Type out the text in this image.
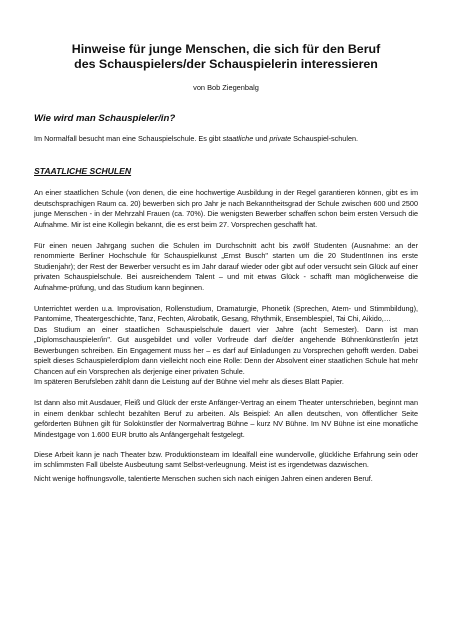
Hinweise für junge Menschen, die sich für den Beruf
des Schauspielers/der Schauspielerin interessieren
von Bob Ziegenbalg
Wie wird man Schauspieler/in?

Im Normalfall besucht man eine Schauspielschule. Es gibt staatliche und private Schauspiel-schulen.

STAATLICHE SCHULEN

An einer staatlichen Schule (von denen, die eine hochwertige Ausbildung in der Regel garantieren können, gibt es im deutschsprachigen Raum ca. 20) bewerben sich pro Jahr je nach Bekanntheitsgrad der Schule zwischen 600 und 2500 junge Menschen - in der Mehrzahl Frauen (ca. 70%). Die wenigsten Bewerber schaffen schon beim ersten Versuch die Aufnahme. Mir ist eine Kollegin bekannt, die es erst beim 27. Vorsprechen geschafft hat.

Für einen neuen Jahrgang suchen die Schulen im Durchschnitt acht bis zwölf Studenten (Ausnahme: an der renommierte Berliner Hochschule für Schauspielkunst „Ernst Busch" starten um die 20 StudentInnen ins erste Studienjahr); der Rest der Bewerber versucht es im Jahr darauf wieder oder gibt auf oder versucht sein Glück auf einer privaten Schauspielschule. Bei ausreichendem Talent – und mit etwas Glück - schafft man möglicherweise die Aufnahme-prüfung, und das Studium kann beginnen.

Unterrichtet werden u.a. Improvisation, Rollenstudium, Dramaturgie, Phonetik (Sprechen, Atem- und Stimmbildung), Pantomime, Theatergeschichte, Tanz, Fechten, Akrobatik, Gesang, Rhythmik, Ensemblespiel, Tai Chi, Aikido,…

Das Studium an einer staatlichen Schauspielschule dauert vier Jahre (acht Semester). Dann ist man „Diplomschauspieler/in". Gut ausgebildet und voller Vorfreude darf die/der angehende Bühnenkünstler/in jetzt Bewerbungen schreiben. Ein Engagement muss her – es darf auf Einladungen zu Vorsprechen gehofft werden. Dabei spielt dieses Schauspielerdiplom dann vielleicht noch eine Rolle: Denn der Absolvent einer staatlichen Schule hat mehr Chancen auf ein Vorsprechen als derjenige einer privaten Schule.

Im späteren Berufsleben zählt dann die Leistung auf der Bühne viel mehr als dieses Blatt Papier.

Ist dann also mit Ausdauer, Fleiß und Glück der erste Anfänger-Vertrag an einem Theater unterschrieben, beginnt man in einem denkbar schlecht bezahlten Beruf zu arbeiten. Als Beispiel: An allen deutschen, von öffentlicher Seite geförderten Bühnen gilt für Solokünstler der Normalvertrag Bühne – kurz NV Bühne. Im NV Bühne ist eine monatliche Mindestgage von 1.600 EUR brutto als Anfängergehalt festgelegt.

Diese Arbeit kann je nach Theater bzw. Produktionsteam im Idealfall eine wundervolle, glückliche Erfahrung sein oder im schlimmsten Fall übelste Ausbeutung samt Selbst-verleugnung. Meist ist es irgendetwas dazwischen.

Nicht wenige hoffnungsvolle, talentierte Menschen suchen sich nach einigen Jahren einen anderen Beruf.
